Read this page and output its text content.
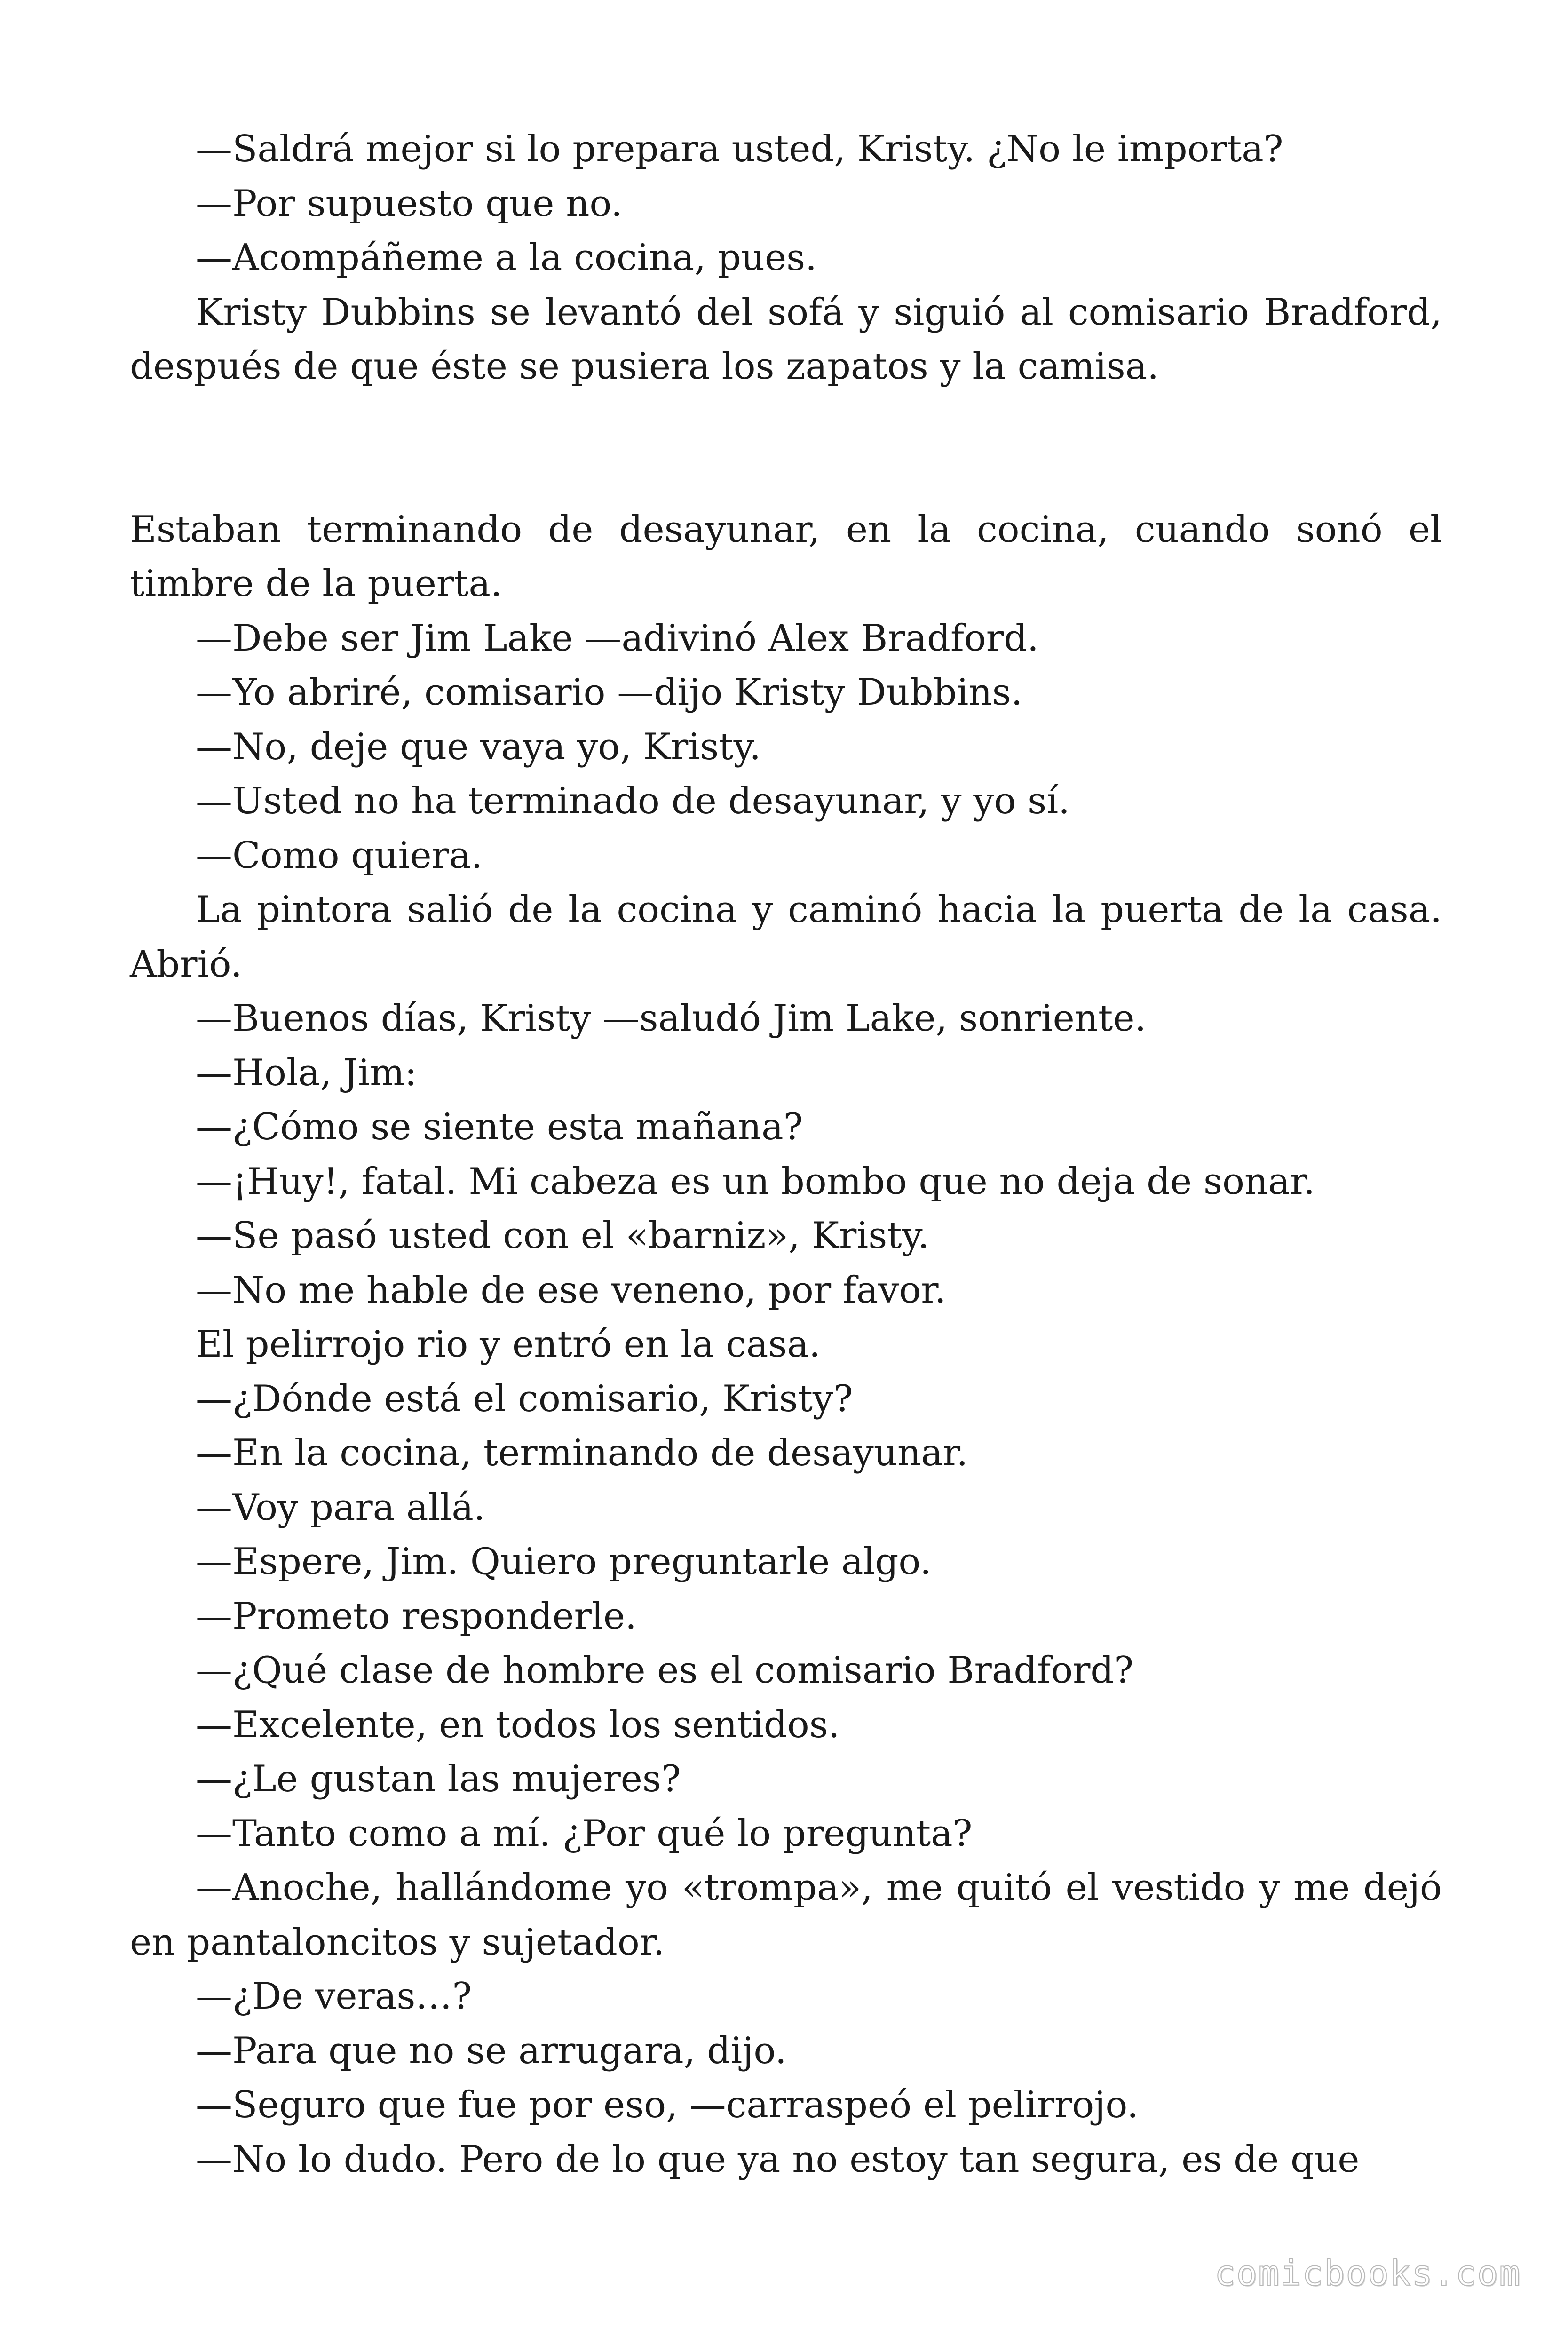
—Saldrá mejor si lo prepara usted, Kristy. ¿No le importa?

—Por supuesto que no.

—Acompáñeme a la cocina, pues.

Kristy Dubbins se levantó del sofá y siguió al comisario Bradford, después de que éste se pusiera los zapatos y la camisa.

Estaban terminando de desayunar, en la cocina, cuando sonó el timbre de la puerta.

—Debe ser Jim Lake —adivinó Alex Bradford.

—Yo abriré, comisario —dijo Kristy Dubbins.

—No, deje que vaya yo, Kristy.

—Usted no ha terminado de desayunar, y yo sí.

—Como quiera.

La pintora salió de la cocina y caminó hacia la puerta de la casa. Abrió.

—Buenos días, Kristy —saludó Jim Lake, sonriente.

—Hola, Jim:

—¿Cómo se siente esta mañana?

—¡Huy!, fatal. Mi cabeza es un bombo que no deja de sonar.

—Se pasó usted con el «barniz», Kristy.

—No me hable de ese veneno, por favor.

El pelirrojo rio y entró en la casa.

—¿Dónde está el comisario, Kristy?

—En la cocina, terminando de desayunar.

—Voy para allá.

—Espere, Jim. Quiero preguntarle algo.

—Prometo responderle.

—¿Qué clase de hombre es el comisario Bradford?

—Excelente, en todos los sentidos.

—¿Le gustan las mujeres?

—Tanto como a mí. ¿Por qué lo pregunta?

—Anoche, hallándome yo «trompa», me quitó el vestido y me dejó en pantaloncitos y sujetador.

—¿De veras…?

—Para que no se arrugara, dijo.

—Seguro que fue por eso, —carraspeó el pelirrojo.

—No lo dudo. Pero de lo que ya no estoy tan segura, es de que

comicbooks.com
